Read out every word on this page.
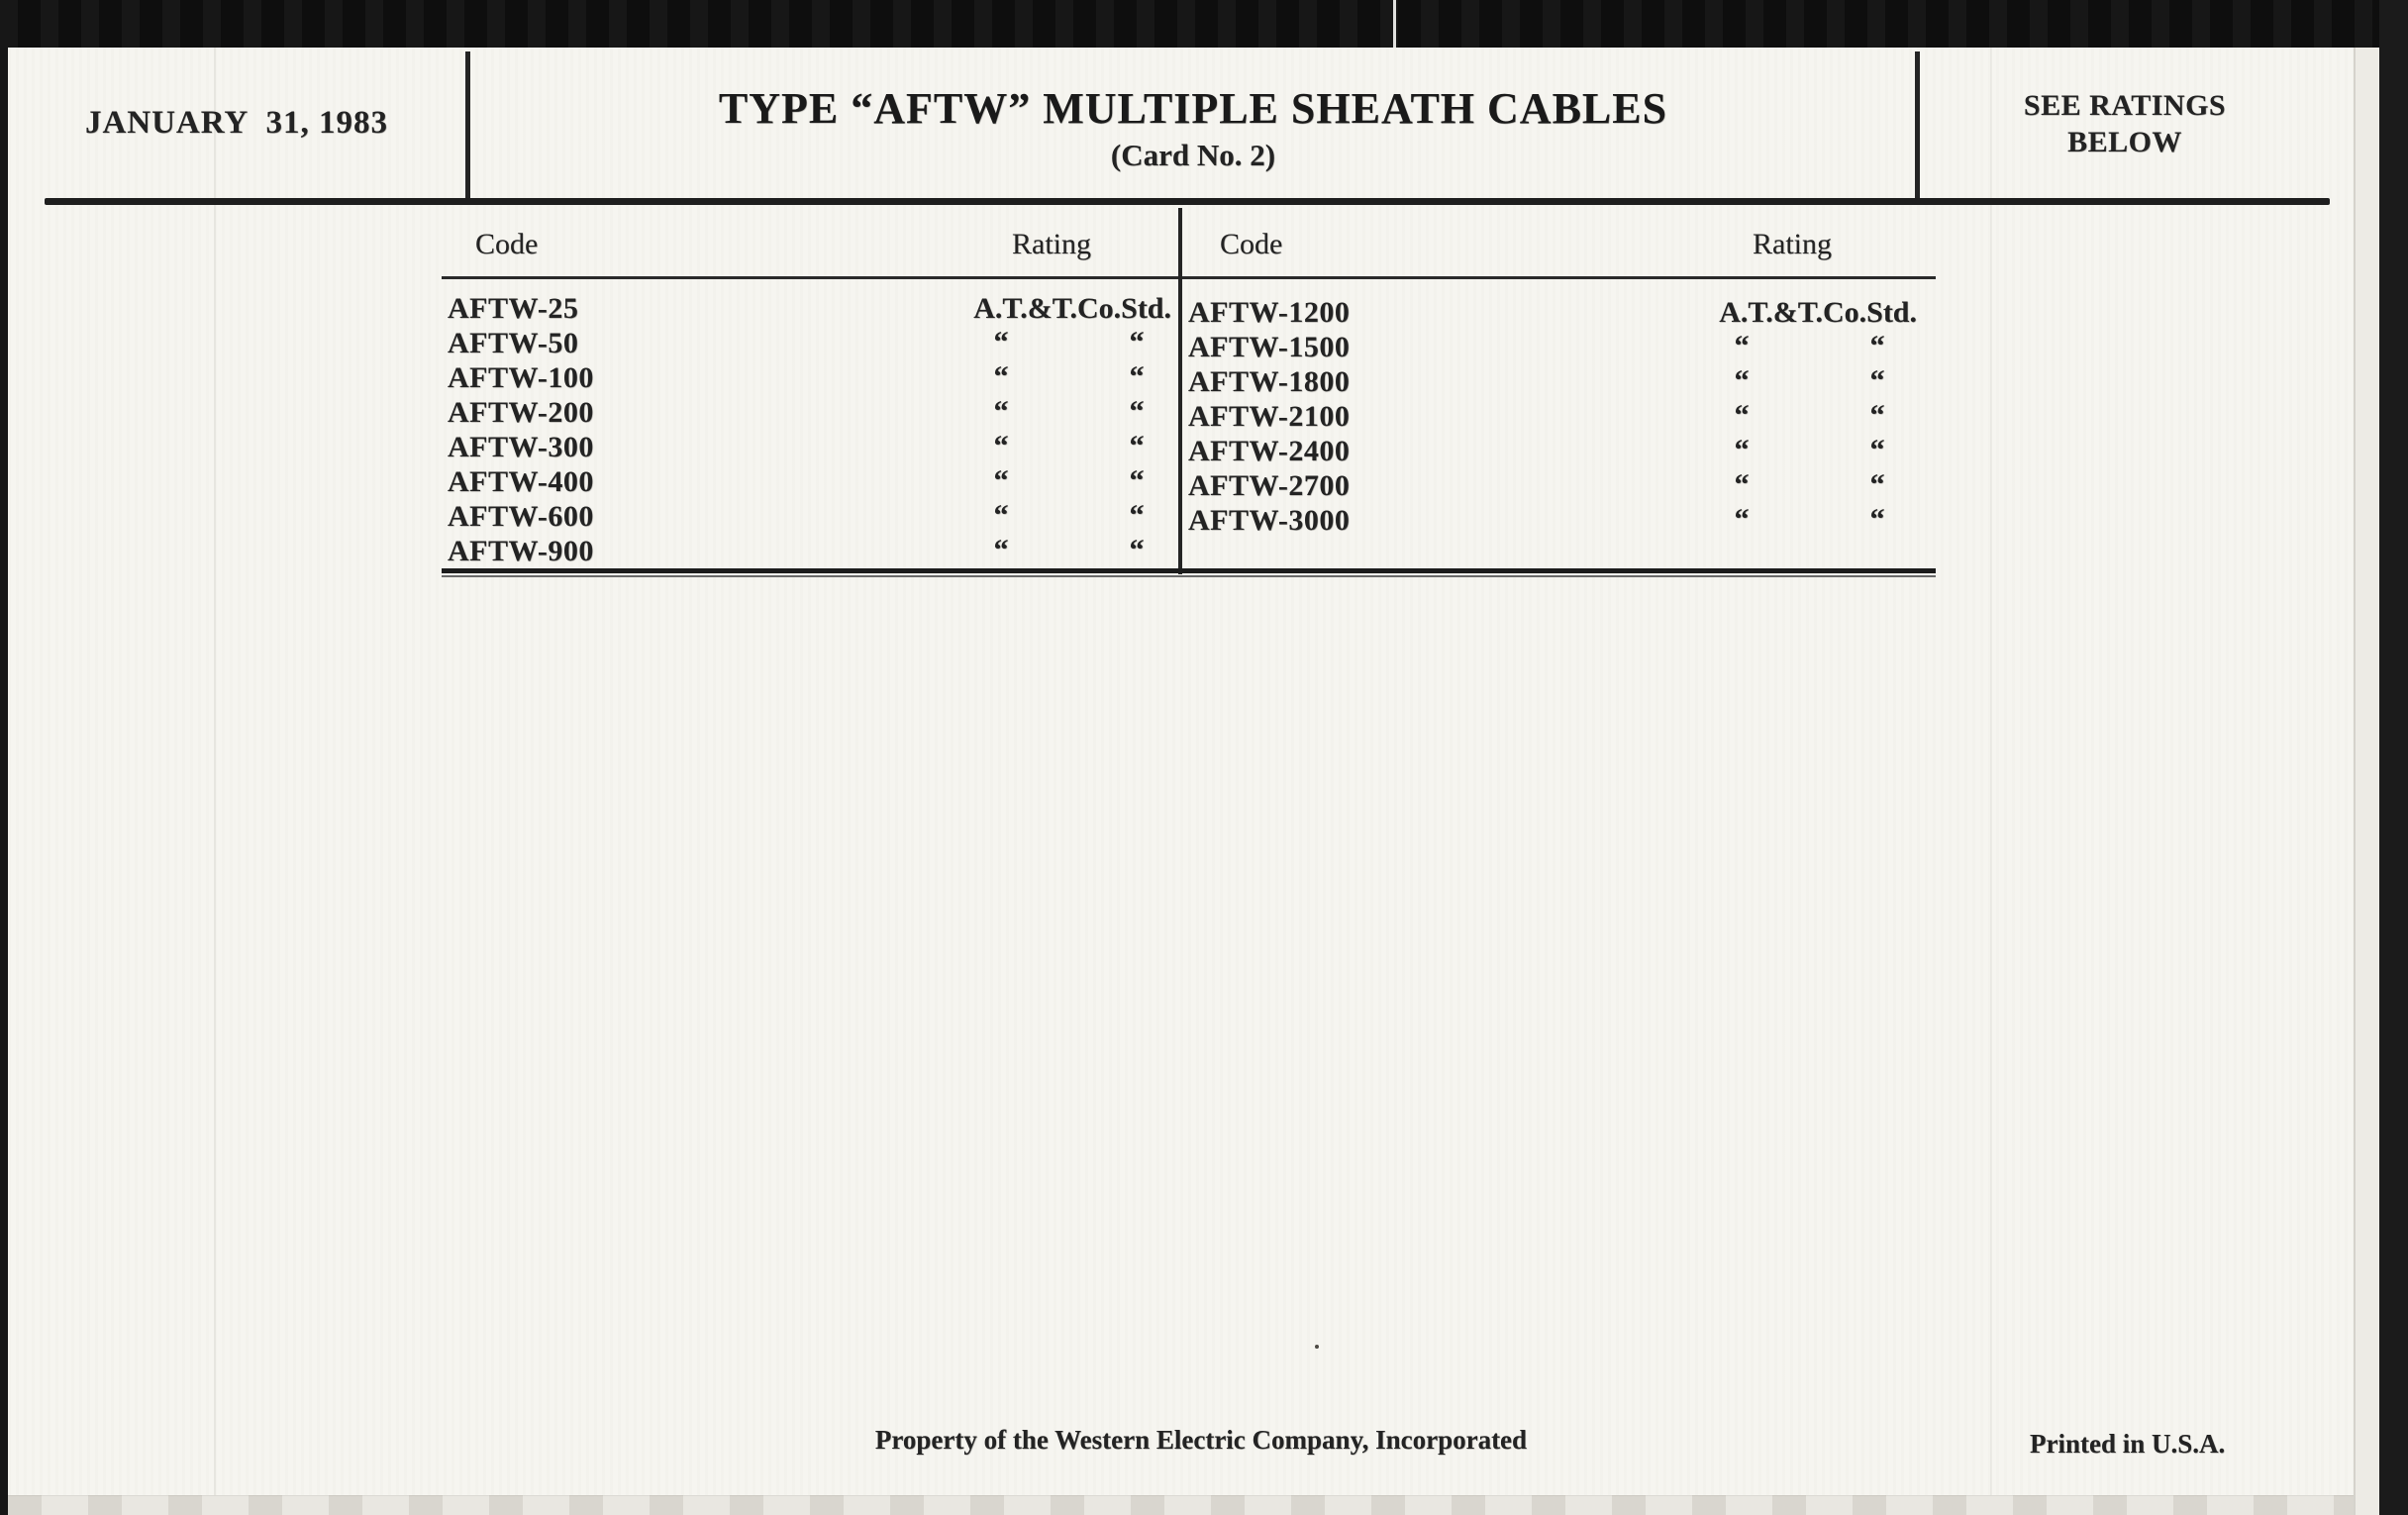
JANUARY  31, 1983	TYPE “AFTW” MULTIPLE SHEATH CABLES
(Card No. 2)
SEE RATINGS
BELOW
Code	Rating	Code	Rating
AFTW-25	A.T.&T.Co.Std.
AFTW-50	“	“
AFTW-100	“	“
AFTW-200	“	“
AFTW-300	“	“
AFTW-400	“	“
AFTW-600	“	“
AFTW-900	“	“
AFTW-1200	A.T.&T.Co.Std.
AFTW-1500	“	“
AFTW-1800	“	“
AFTW-2100	“	“
AFTW-2400	“	“
AFTW-2700	“	“
AFTW-3000	“	“
Property of the Western Electric Company, Incorporated	Printed in U.S.A.
